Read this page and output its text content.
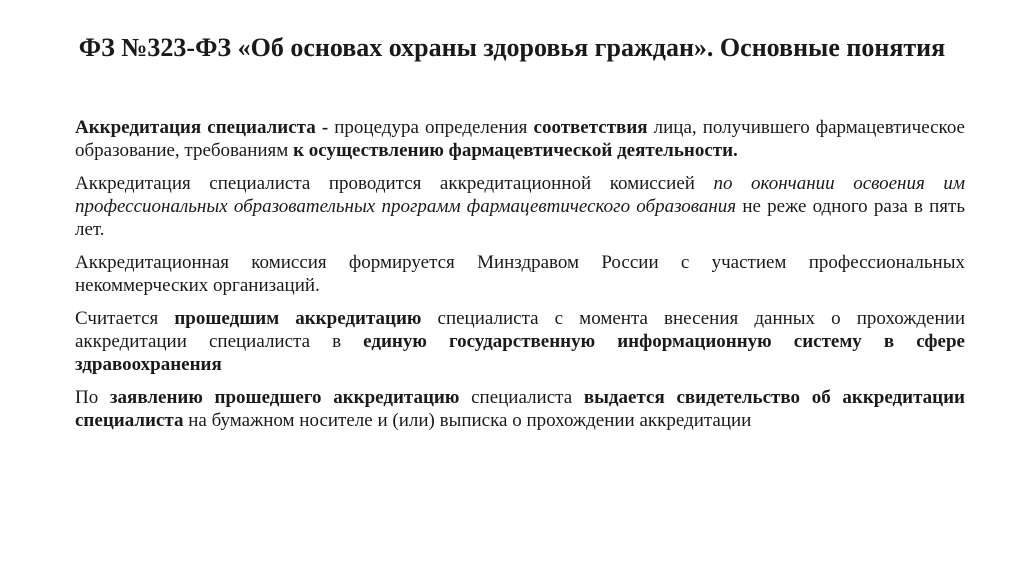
ФЗ №323-ФЗ «Об основах охраны здоровья граждан». Основные понятия

Аккредитация специалиста - процедура определения соответствия лица, получившего фармацевтическое образование, требованиям к осуществлению фармацевтической деятельности.

Аккредитация специалиста проводится аккредитационной комиссией по окончании освоения им профессиональных образовательных программ фармацевтического образования не реже одного раза в пять лет.

Аккредитационная комиссия формируется Минздравом России с участием профессиональных некоммерческих организаций.

Считается прошедшим аккредитацию специалиста с момента внесения данных о прохождении аккредитации специалиста в единую государственную информационную систему в сфере здравоохранения

По заявлению прошедшего аккредитацию специалиста выдается свидетельство об аккредитации специалиста на бумажном носителе и (или) выписка о прохождении аккредитации
